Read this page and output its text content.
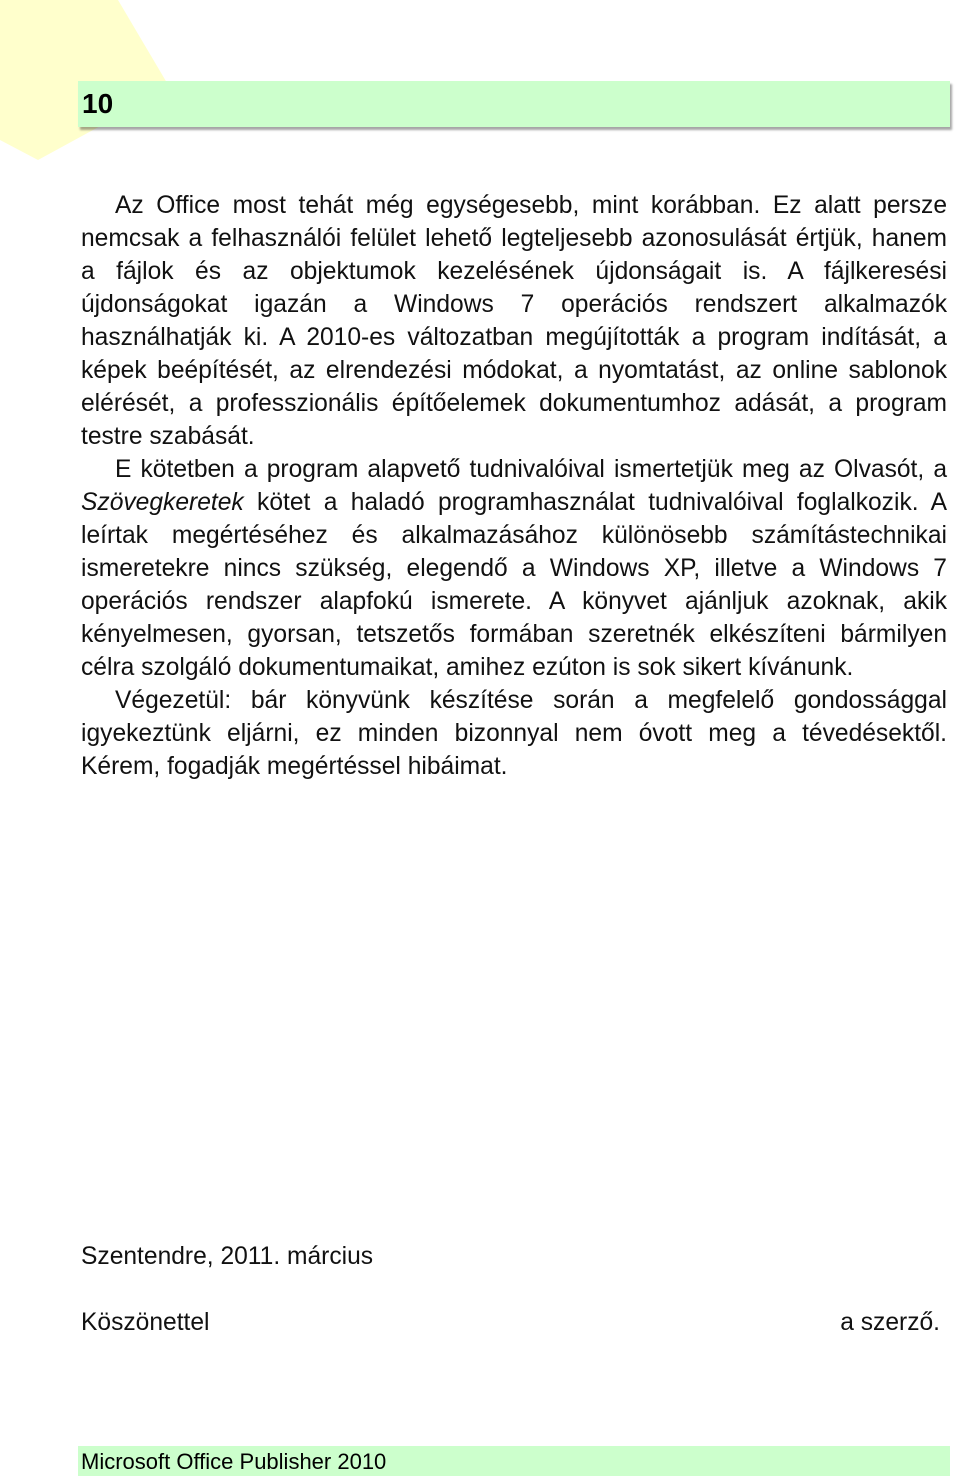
10

Az Office most tehát még egységesebb, mint korábban. Ez alatt persze nemcsak a felhasználói felület lehető legteljesebb azonosulását értjük, hanem a fájlok és az objektumok kezelésének újdonságait is. A fájlkeresési újdonságokat igazán a Windows 7 operációs rendszert alkalmazók használhatják ki. A 2010-es változatban megújították a program indítását, a képek beépítését, az elrendezési módokat, a nyomtatást, az online sablonok elérését, a professzionális építőelemek dokumentumhoz adását, a program testre szabását.

E kötetben a program alapvető tudnivalóival ismertetjük meg az Olvasót, a Szövegkeretek kötet a haladó programhasználat tudnivalóival foglalkozik. A leírtak megértéséhez és alkalmazásához különösebb számítástechnikai ismeretekre nincs szükség, elegendő a Windows XP, illetve a Windows 7 operációs rendszer alapfokú ismerete. A könyvet ajánljuk azoknak, akik kényelmesen, gyorsan, tetszetős formában szeretnék elkészíteni bármilyen célra szolgáló dokumentumaikat, amihez ezúton is sok sikert kívánunk.

Végezetül: bár könyvünk készítése során a megfelelő gondossággal igyekeztünk eljárni, ez minden bizonnyal nem óvott meg a tévedésektől. Kérem, fogadják megértéssel hibáimat.

Szentendre, 2011. március
Köszönettel	a szerző.
Microsoft Office Publisher 2010
